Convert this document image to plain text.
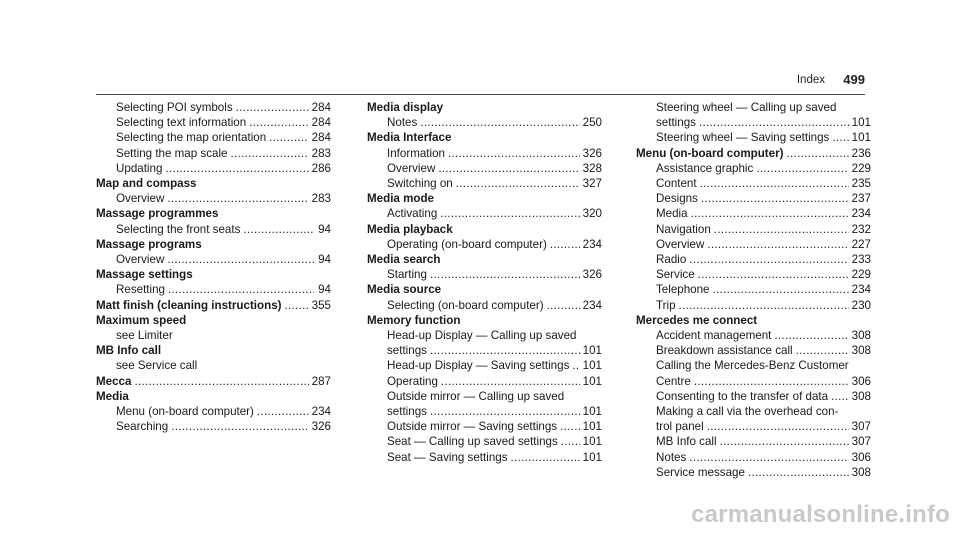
Index 499
Selecting POI symbols .....	284
Selecting text information .....	284
Selecting the map orientation .....	284
Setting the map scale .....	283
Updating .....	286
Map and compass
Overview .....	283
Massage programmes
Selecting the front seats .....	94
Massage programs
Overview .....	94
Massage settings
Resetting .....	94
Matt finish (cleaning instructions) .....	355
Maximum speed
see Limiter
MB Info call
see Service call
Mecca .....	287
Media
Menu (on-board computer) .....	234
Searching .....	326
Media display
Notes .....	250
Media Interface
Information .....	326
Overview .....	328
Switching on .....	327
Media mode
Activating .....	320
Media playback
Operating (on-board computer) .....	234
Media search
Starting .....	326
Media source
Selecting (on-board computer) .....	234
Memory function
Head-up Display — Calling up saved
settings .....	101
Head-up Display — Saving settings ..... 101
Operating .....	101
Outside mirror — Calling up saved
settings .....	101
Outside mirror — Saving settings ..... 101
Seat — Calling up saved settings ..... 101
Seat — Saving settings .....	101
Steering wheel — Calling up saved
settings .....	101
Steering wheel — Saving settings ..... 101
Menu (on-board computer) .....	236
Assistance graphic .....	229
Content .....	235
Designs .....	237
Media .....	234
Navigation .....	232
Overview .....	227
Radio .....	233
Service .....	229
Telephone .....	234
Trip .....	230
Mercedes me connect
Accident management .....	308
Breakdown assistance call .....	308
Calling the Mercedes-Benz Customer
Centre .....	306
Consenting to the transfer of data ..... 308
Making a call via the overhead con-
trol panel .....	307
MB Info call .....	307
Notes .....	306
Service message .....	308
carmanualsonline.info
